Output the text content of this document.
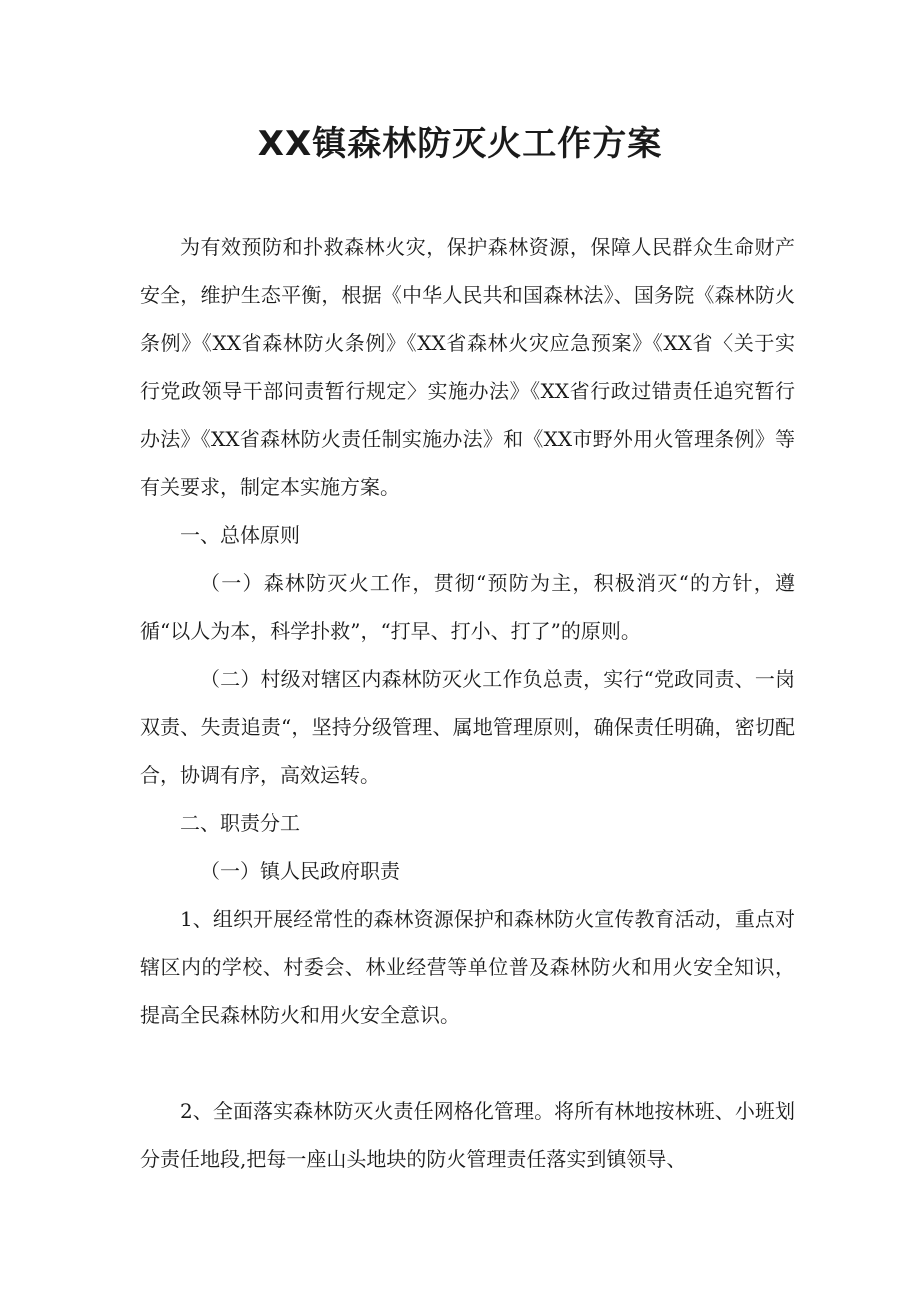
XX镇森林防灭火工作方案

为有效预防和扑救森林火灾，保护森林资源，保障人民群众生命财产安全，维护生态平衡，根据《中华人民共和国森林法》、国务院《森林防火条例》《XX省森林防火条例》《XX省森林火灾应急预案》《XX省〈关于实行党政领导干部问责暂行规定〉实施办法》《XX省行政过错责任追究暂行办法》《XX省森林防火责任制实施办法》和《XX市野外用火管理条例》等有关要求，制定本实施方案。

一、总体原则

（一）森林防灭火工作，贯彻“预防为主，积极消灭“的方针，遵循“以人为本，科学扑救”，“打早、打小、打了”的原则。

（二）村级对辖区内森林防灭火工作负总责，实行“党政同责、一岗双责、失责追责“，坚持分级管理、属地管理原则，确保责任明确，密切配合，协调有序，高效运转。

二、职责分工

（一）镇人民政府职责

1、组织开展经常性的森林资源保护和森林防火宣传教育活动，重点对辖区内的学校、村委会、林业经营等单位普及森林防火和用火安全知识，提高全民森林防火和用火安全意识。

2、全面落实森林防灭火责任网格化管理。将所有林地按林班、小班划分责任地段,把每一座山头地块的防火管理责任落实到镇领导、
